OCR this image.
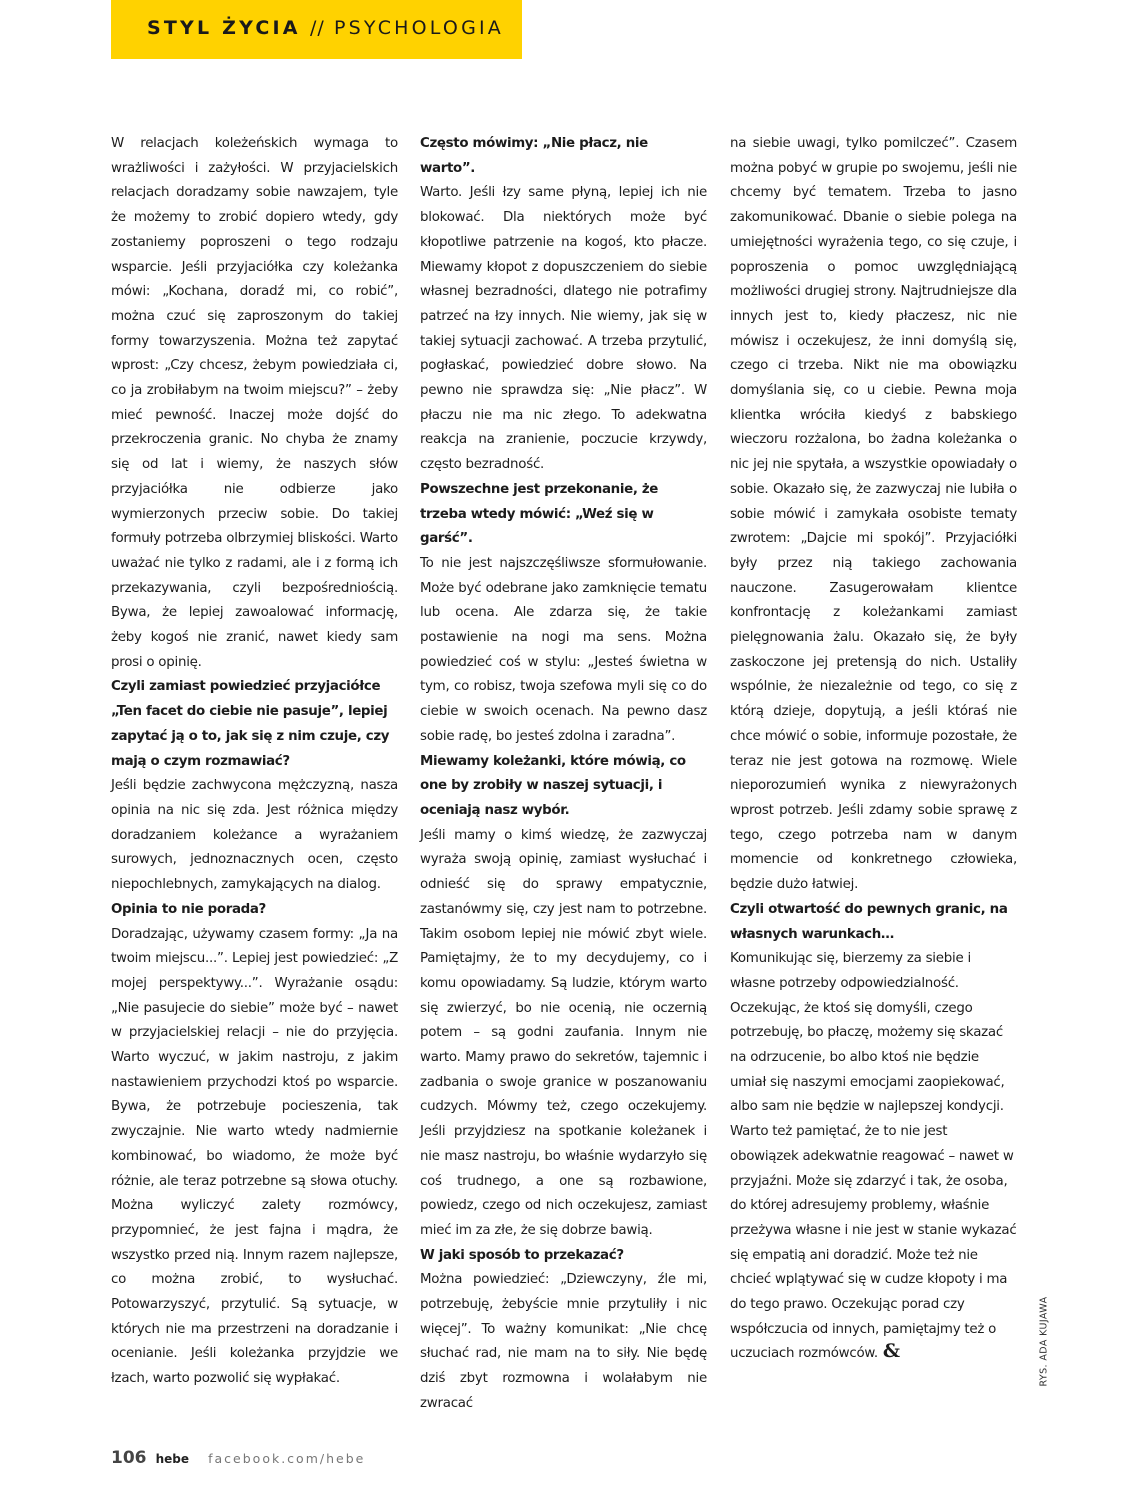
STYL ŻYCIA // PSYCHOLOGIA

W relacjach koleżeńskich wymaga to wrażliwości i zażyłości. W przyjacielskich relacjach doradzamy sobie nawzajem, tyle że możemy to zrobić dopiero wtedy, gdy zostaniemy poproszeni o tego rodzaju wsparcie. Jeśli przyjaciółka czy koleżanka mówi: „Kochana, doradź mi, co robić”, można czuć się zaproszonym do takiej formy towarzyszenia. Można też zapytać wprost: „Czy chcesz, żebym powiedziała ci, co ja zrobiłabym na twoim miejscu?” – żeby mieć pewność. Inaczej może dojść do przekroczenia granic. No chyba że znamy się od lat i wiemy, że naszych słów przyjaciółka nie odbierze jako wymierzonych przeciw sobie. Do takiej formuły potrzeba olbrzymiej bliskości. Warto uważać nie tylko z radami, ale i z formą ich przekazywania, czyli bezpośredniością. Bywa, że lepiej zawoalować informację, żeby kogoś nie zranić, nawet kiedy sam prosi o opinię.

Czyli zamiast powiedzieć przyjaciółce „Ten facet do ciebie nie pasuje”, lepiej zapytać ją o to, jak się z nim czuje, czy mają o czym rozmawiać?

Jeśli będzie zachwycona mężczyzną, nasza opinia na nic się zda. Jest różnica między doradzaniem koleżance a wyrażaniem surowych, jednoznacznych ocen, często niepochlebnych, zamykających na dialog.

Opinia to nie porada?

Doradzając, używamy czasem formy: „Ja na twoim miejscu...”. Lepiej jest powiedzieć: „Z mojej perspektywy...”. Wyrażanie osądu: „Nie pasujecie do siebie” może być – nawet w przyjacielskiej relacji – nie do przyjęcia. Warto wyczuć, w jakim nastroju, z jakim nastawieniem przychodzi ktoś po wsparcie. Bywa, że potrzebuje pocieszenia, tak zwyczajnie. Nie warto wtedy nadmiernie kombinować, bo wiadomo, że może być różnie, ale teraz potrzebne są słowa otuchy. Można wyliczyć zalety rozmówcy, przypomnieć, że jest fajna i mądra, że wszystko przed nią. Innym razem najlepsze, co można zrobić, to wysłuchać. Potowarzyszyć, przytulić. Są sytuacje, w których nie ma przestrzeni na doradzanie i ocenianie. Jeśli koleżanka przyjdzie we łzach, warto pozwolić się wypłakać.

Często mówimy: „Nie płacz, nie warto”.

Warto. Jeśli łzy same płyną, lepiej ich nie blokować. Dla niektórych może być kłopotliwe patrzenie na kogoś, kto płacze. Miewamy kłopot z dopuszczeniem do siebie własnej bezradności, dlatego nie potrafimy patrzeć na łzy innych. Nie wiemy, jak się w takiej sytuacji zachować. A trzeba przytulić, pogłaskać, powiedzieć dobre słowo. Na pewno nie sprawdza się: „Nie płacz”. W płaczu nie ma nic złego. To adekwatna reakcja na zranienie, poczucie krzywdy, często bezradność.

Powszechne jest przekonanie, że trzeba wtedy mówić: „Weź się w garść”.

To nie jest najszczęśliwsze sformułowanie. Może być odebrane jako zamknięcie tematu lub ocena. Ale zdarza się, że takie postawienie na nogi ma sens. Można powiedzieć coś w stylu: „Jesteś świetna w tym, co robisz, twoja szefowa myli się co do ciebie w swoich ocenach. Na pewno dasz sobie radę, bo jesteś zdolna i zaradna”.

Miewamy koleżanki, które mówią, co one by zrobiły w naszej sytuacji, i oceniają nasz wybór.

Jeśli mamy o kimś wiedzę, że zazwyczaj wyraża swoją opinię, zamiast wysłuchać i odnieść się do sprawy empatycznie, zastanówmy się, czy jest nam to potrzebne. Takim osobom lepiej nie mówić zbyt wiele. Pamiętajmy, że to my decydujemy, co i komu opowiadamy. Są ludzie, którym warto się zwierzyć, bo nie ocenią, nie oczernią potem – są godni zaufania. Innym nie warto. Mamy prawo do sekretów, tajemnic i zadbania o swoje granice w poszanowaniu cudzych. Mówmy też, czego oczekujemy. Jeśli przyjdziesz na spotkanie koleżanek i nie masz nastroju, bo właśnie wydarzyło się coś trudnego, a one są rozbawione, powiedz, czego od nich oczekujesz, zamiast mieć im za złe, że się dobrze bawią.

W jaki sposób to przekazać?

Można powiedzieć: „Dziewczyny, źle mi, potrzebuję, żebyście mnie przytuliły i nic więcej”. To ważny komunikat: „Nie chcę słuchać rad, nie mam na to siły. Nie będę dziś zbyt rozmowna i wolałabym nie zwracać

na siebie uwagi, tylko pomilczeć”. Czasem można pobyć w grupie po swojemu, jeśli nie chcemy być tematem. Trzeba to jasno zakomunikować. Dbanie o siebie polega na umiejętności wyrażenia tego, co się czuje, i poproszenia o pomoc uwzględniającą możliwości drugiej strony. Najtrudniejsze dla innych jest to, kiedy płaczesz, nic nie mówisz i oczekujesz, że inni domyślą się, czego ci trzeba. Nikt nie ma obowiązku domyślania się, co u ciebie. Pewna moja klientka wróciła kiedyś z babskiego wieczoru rozżalona, bo żadna koleżanka o nic jej nie spytała, a wszystkie opowiadały o sobie. Okazało się, że zazwyczaj nie lubiła o sobie mówić i zamykała osobiste tematy zwrotem: „Dajcie mi spokój”. Przyjaciółki były przez nią takiego zachowania nauczone. Zasugerowałam klientce konfrontację z koleżankami zamiast pielęgnowania żalu. Okazało się, że były zaskoczone jej pretensją do nich. Ustaliły wspólnie, że niezależnie od tego, co się z którą dzieje, dopytują, a jeśli któraś nie chce mówić o sobie, informuje pozostałe, że teraz nie jest gotowa na rozmowę. Wiele nieporozumień wynika z niewyrażonych wprost potrzeb. Jeśli zdamy sobie sprawę z tego, czego potrzeba nam w danym momencie od konkretnego człowieka, będzie dużo łatwiej.

Czyli otwartość do pewnych granic, na własnych warunkach…

Komunikując się, bierzemy za siebie i własne potrzeby odpowiedzialność. Oczekując, że ktoś się domyśli, czego potrzebuję, bo płaczę, możemy się skazać na odrzucenie, bo albo ktoś nie będzie umiał się naszymi emocjami zaopiekować, albo sam nie będzie w najlepszej kondycji. Warto też pamiętać, że to nie jest obowiązek adekwatnie reagować – nawet w przyjaźni. Może się zdarzyć i tak, że osoba, do której adresujemy problemy, właśnie przeżywa własne i nie jest w stanie wykazać się empatią ani doradzić. Może też nie chcieć wplątywać się w cudze kłopoty i ma do tego prawo. Oczekując porad czy współczucia od innych, pamiętajmy też o uczuciach rozmówców. &	RYS. ADA KUJAWA
106 hebe facebook.com/hebe
